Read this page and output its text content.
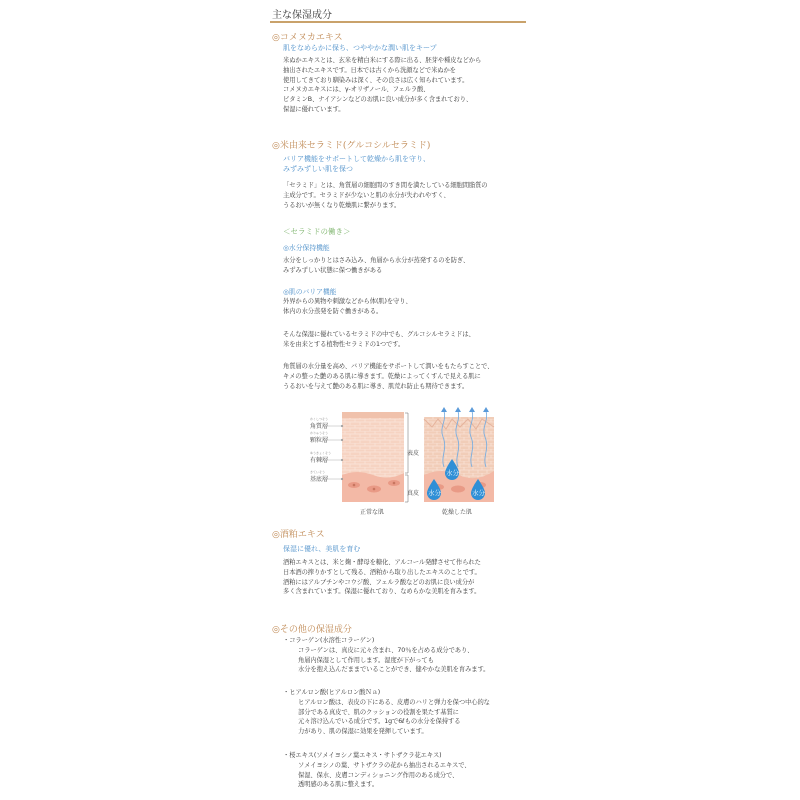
主な保湿成分
◎コメヌカエキス
肌をなめらかに保ち、つややかな潤い肌をキープ
米ぬかエキスとは、玄米を精白米にする際に出る、胚芽や種皮などから
抽出されたエキスです。日本では古くから洗顔などで米ぬかを
使用してきており馴染みは深く、その良さは広く知られています。
コメヌカエキスには、γ-オリザノール、フェルラ酸、
ビタミンB、ナイアシンなどのお肌に良い成分が多く含まれており、
保湿に優れています。
◎米由来セラミド(グルコシルセラミド)
バリア機能をサポートして乾燥から肌を守り、
みずみずしい肌を保つ
「セラミド」とは、角質層の細胞間のすき間を満たしている細胞間脂質の
主成分です。セラミドが少ないと肌の水分が失われやすく、
うるおいが無くなり乾燥肌に繋がります。
＜セラミドの働き＞
◎水分保持機能
水分をしっかりとはさみ込み、角層から水分が蒸発するのを防ぎ、
みずみずしい状態に保つ働きがある
◎肌のバリア機能
外界からの異物や刺激などから体(肌)を守り、
体内の水分蒸発を防ぐ働きがある。
そんな保湿に優れているセラミドの中でも、グルコシルセラミドは、
米を由来とする植物性セラミドの1つです。
角質層の水分量を高め、バリア機能をサポートして潤いをもたらすことで、
キメの整った艶のある肌に導きます。乾燥によってくすんで見える肌に
うるおいを与えて艶のある肌に導き、肌荒れ防止も期待できます。
かくしつそう
角質層
かりゅうそう
顆粒層
ゆうきょくそう
有棘層
きていそう
基底層
表皮
真皮
水分
水分	水分
正常な肌	乾燥した肌
◎酒粕エキス
保湿に優れ、美肌を育む
酒粕エキスとは、米と麹・酵母を糖化、アルコール発酵させて作られた
日本酒の搾りかすとして残る、酒粕から取り出したエキスのことです。
酒粕にはアルブチンやコウジ酸、フェルラ酸などのお肌に良い成分が
多く含まれています。保湿に優れており、なめらかな美肌を育みます。
◎その他の保湿成分
・コラーゲン(水溶性コラーゲン)
コラーゲンは、真皮に元々含まれ、70％を占める成分であり、
角層内保湿として作用します。湿度が下がっても
水分を抱え込んだままでいることができ、健やかな美肌を育みます。
・ヒアルロン酸(ヒアルロン酸Ｎａ)
ヒアルロン酸は、表皮の下にある、皮膚のハリと弾力を保つ中心的な
部分である真皮で、肌のクッションの役割を果たす基質に
元々溶け込んでいる成分です。1gで6ℓもの水分を保持する
力があり、肌の保湿に効果を発揮しています。
・桜エキス(ソメイヨシノ葉エキス・サトザクラ花エキス)
ソメイヨシノの葉、サトザクラの花から抽出されるエキスで、
保湿、保水、皮膚コンディショニング作用のある成分で、
透明感のある肌に整えます。
